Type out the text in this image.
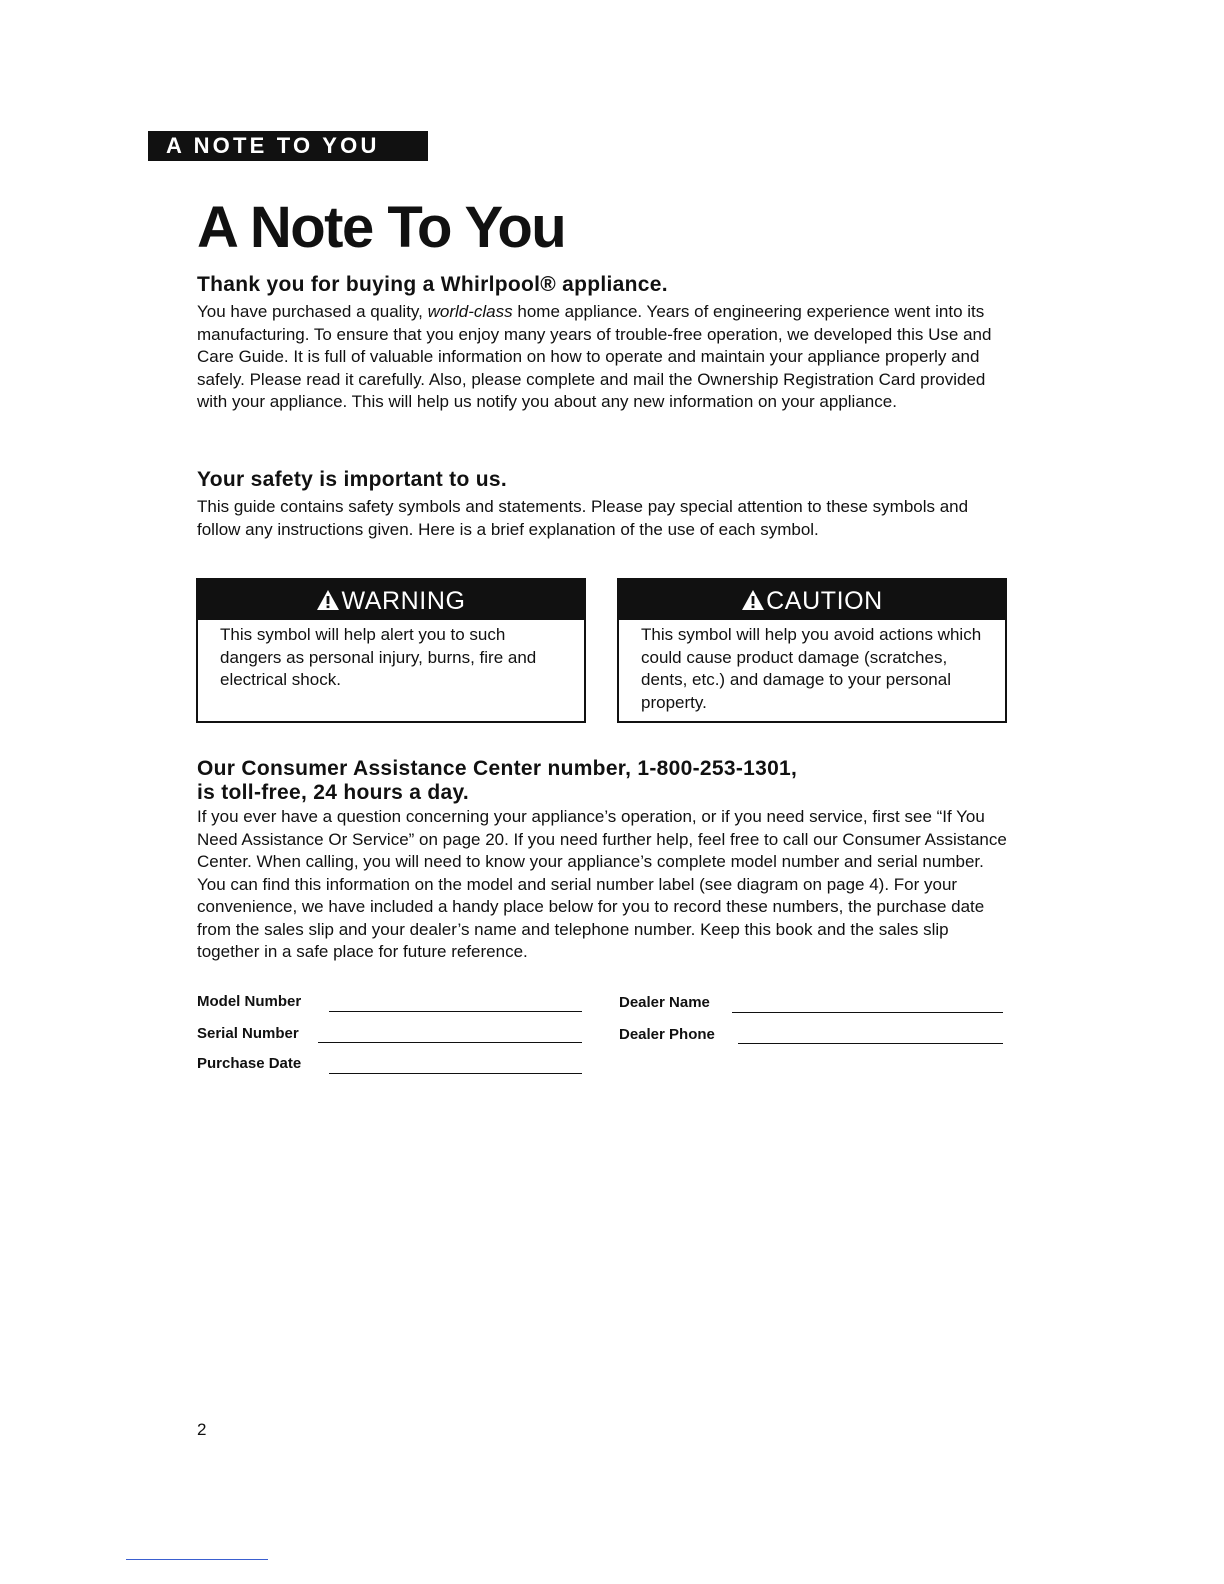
A NOTE TO YOU
A Note To You
Thank you for buying a Whirlpool® appliance.

You have purchased a quality, world-class home appliance. Years of engineering experience went into its manufacturing. To ensure that you enjoy many years of trouble-free operation, we developed this Use and Care Guide. It is full of valuable information on how to operate and maintain your appliance properly and safely. Please read it carefully. Also, please complete and mail the Ownership Registration Card provided with your appliance. This will help us notify you about any new information on your appliance.

Your safety is important to us.

This guide contains safety symbols and statements. Please pay special attention to these symbols and follow any instructions given. Here is a brief explanation of the use of each symbol.

WARNING
This symbol will help alert you to such dangers as personal injury, burns, fire and electrical shock.
CAUTION
This symbol will help you avoid actions which could cause product damage (scratches, dents, etc.) and damage to your personal property.
Our Consumer Assistance Center number, 1-800-253-1301,
is toll-free, 24 hours a day.

If you ever have a question concerning your appliance’s operation, or if you need service, first see “If You Need Assistance Or Service” on page 20. If you need further help, feel free to call our Consumer Assistance Center. When calling, you will need to know your appliance’s complete model number and serial number. You can find this information on the model and serial number label (see diagram on page 4). For your convenience, we have included a handy place below for you to record these numbers, the purchase date from the sales slip and your dealer’s name and telephone number. Keep this book and the sales slip together in a safe place for future reference.

Model Number
Serial Number
Purchase Date
Dealer Name
Dealer Phone
2
